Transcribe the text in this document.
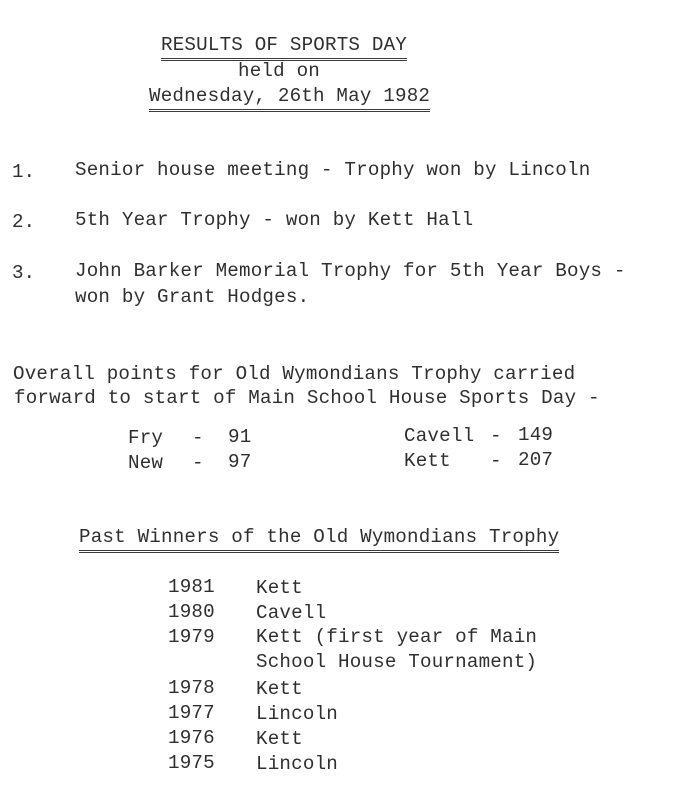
RESULTS OF SPORTS DAY
held on
Wednesday, 26th May 1982
1. Senior house meeting - Trophy won by Lincoln
2. 5th Year Trophy - won by Kett Hall
3. John Barker Memorial Trophy for 5th Year Boys -
won by Grant Hodges.
Overall points for Old Wymondians Trophy carried
forward to start of Main School House Sports Day -
Fry - 91
New - 97
Cavell - 149
Kett - 207
Past Winners of the Old Wymondians Trophy
1981 Kett
1980 Cavell
1979 Kett (first year of Main
School House Tournament)
1978 Kett
1977 Lincoln
1976 Kett
1975 Lincoln
